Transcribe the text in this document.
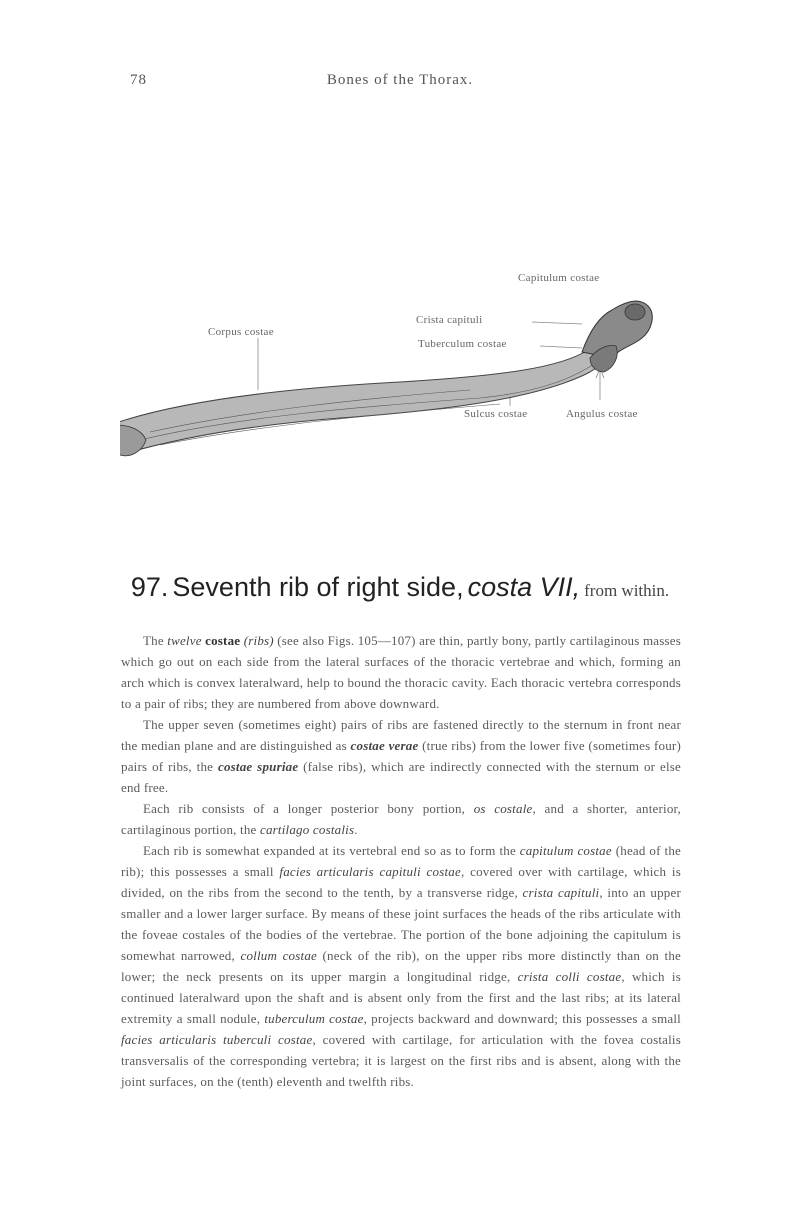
78	Bones of the Thorax.
Capitulum costae
Crista capituli
Tuberculum costae
Corpus costae
Sulcus costae	Angulus costae
97. Seventh rib of right side, costa VII, from within.

The twelve costae (ribs) (see also Figs. 105—107) are thin, partly bony, partly cartilaginous masses which go out on each side from the lateral surfaces of the thoracic vertebrae and which, forming an arch which is convex lateralward, help to bound the thoracic cavity. Each thoracic vertebra corresponds to a pair of ribs; they are numbered from above downward.

The upper seven (sometimes eight) pairs of ribs are fastened directly to the sternum in front near the median plane and are distinguished as costae verae (true ribs) from the lower five (sometimes four) pairs of ribs, the costae spuriae (false ribs), which are indirectly connected with the sternum or else end free.

Each rib consists of a longer posterior bony portion, os costale, and a shorter, anterior, cartilaginous portion, the cartilago costalis.

Each rib is somewhat expanded at its vertebral end so as to form the capitulum costae (head of the rib); this possesses a small facies articularis capituli costae, covered over with cartilage, which is divided, on the ribs from the second to the tenth, by a transverse ridge, crista capituli, into an upper smaller and a lower larger surface. By means of these joint surfaces the heads of the ribs articulate with the foveae costales of the bodies of the vertebrae. The portion of the bone adjoining the capitulum is somewhat narrowed, collum costae (neck of the rib), on the upper ribs more distinctly than on the lower; the neck presents on its upper margin a longitudinal ridge, crista colli costae, which is continued lateralward upon the shaft and is absent only from the first and the last ribs; at its lateral extremity a small nodule, tuberculum costae, projects backward and downward; this possesses a small facies articularis tuberculi costae, covered with cartilage, for articulation with the fovea costalis transversalis of the corresponding vertebra; it is largest on the first ribs and is absent, along with the joint surfaces, on the (tenth) eleventh and twelfth ribs.
